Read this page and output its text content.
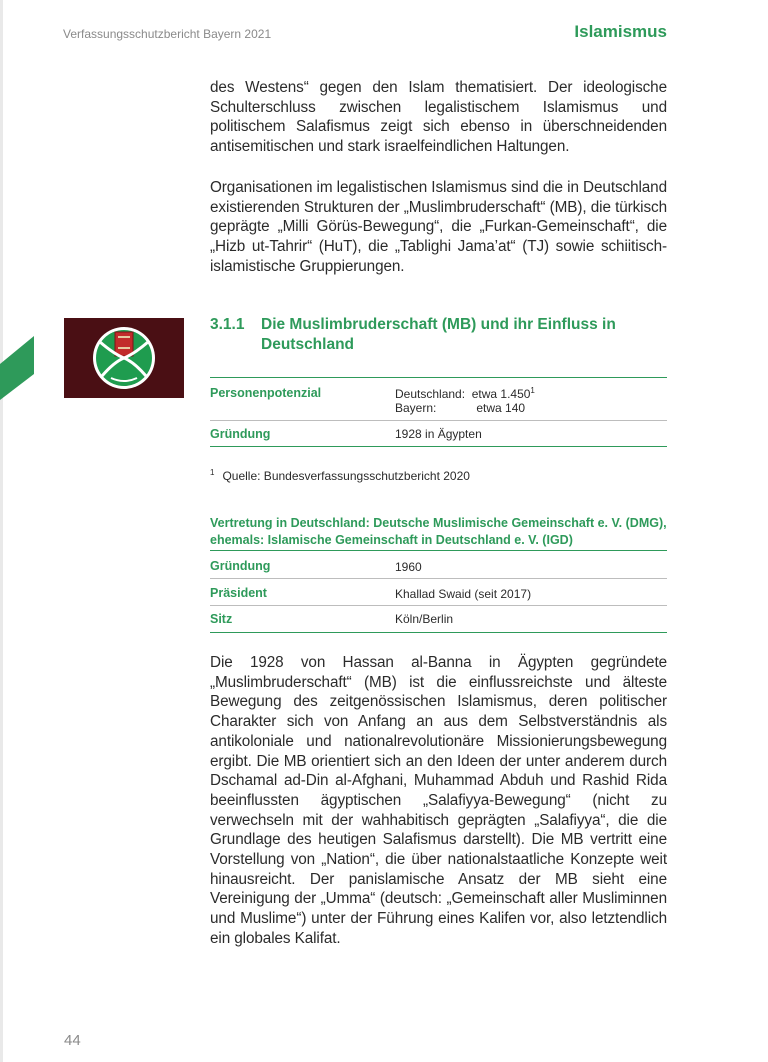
Verfassungsschutzbericht Bayern 2021	Islamismus

des Westens“ gegen den Islam thematisiert. Der ideologische Schulterschluss zwischen legalistischem Islamismus und politischem Salafismus zeigt sich ebenso in überschneidenden antisemitischen und stark israelfeindlichen Haltungen.

Organisationen im legalistischen Islamismus sind die in Deutschland existierenden Strukturen der „Muslimbruderschaft“ (MB), die türkisch geprägte „Milli Görüs-Bewegung“, die „Furkan-Gemeinschaft“, die „Hizb ut-Tahrir“ (HuT), die „Tablighi Jama’at“ (TJ) sowie schiitisch-islamistische Gruppierungen.

3.1.1 Die Muslimbruderschaft (MB) und ihr Einfluss in Deutschland
Personenpotenzial	Deutschland:  etwa 1.450$^1$
Bayern:            etwa 140
Gründung	1928 in Ägypten
$^1$ Quelle: Bundesverfassungsschutzbericht 2020
Vertretung in Deutschland: Deutsche Muslimische Gemeinschaft e. V. (DMG), ehemals: Islamische Gemeinschaft in Deutschland e. V. (IGD)
Gründung	1960
Präsident	Khallad Swaid (seit 2017)
Sitz	Köln/Berlin

Die 1928 von Hassan al-Banna in Ägypten gegründete „Muslimbruderschaft“ (MB) ist die einflussreichste und älteste Bewegung des zeitgenössischen Islamismus, deren politischer Charakter sich von Anfang an aus dem Selbstverständnis als antikoloniale und nationalrevolutionäre Missionierungsbewegung ergibt. Die MB orientiert sich an den Ideen der unter anderem durch Dschamal ad-Din al-Afghani, Muhammad Abduh und Rashid Rida beeinflussten ägyptischen „Salafiyya-Bewegung“ (nicht zu verwechseln mit der wahhabitisch geprägten „Salafiyya“, die die Grundlage des heutigen Salafismus darstellt). Die MB vertritt eine Vorstellung von „Nation“, die über nationalstaatliche Konzepte weit hinausreicht. Der panislamische Ansatz der MB sieht eine Vereinigung der „Umma“ (deutsch: „Gemeinschaft aller Musliminnen und Muslime“) unter der Führung eines Kalifen vor, also letztendlich ein globales Kalifat.

44
